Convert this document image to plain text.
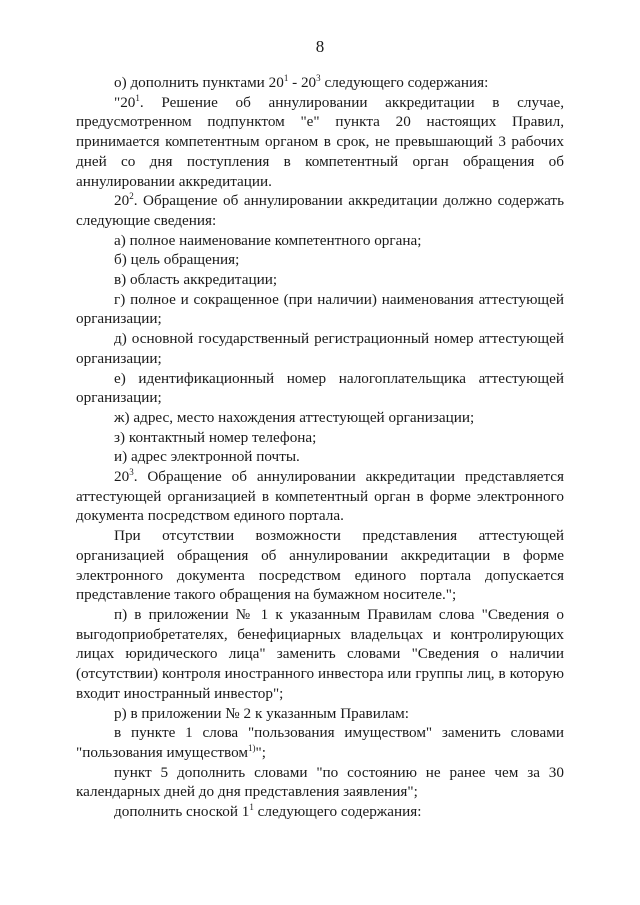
8

о) дополнить пунктами $20^1 - 20^3$ следующего содержания:

"$20^1$. Решение об аннулировании аккредитации в случае, предусмотренном подпунктом "е" пункта 20 настоящих Правил, принимается компетентным органом в срок, не превышающий 3 рабочих дней со дня поступления в компетентный орган обращения об аннулировании аккредитации.

$20^2$. Обращение об аннулировании аккредитации должно содержать следующие сведения:

а) полное наименование компетентного органа;

б) цель обращения;

в) область аккредитации;

г) полное и сокращенное (при наличии) наименования аттестующей организации;

д) основной государственный регистрационный номер аттестующей организации;

е) идентификационный номер налогоплательщика аттестующей организации;

ж) адрес, место нахождения аттестующей организации;

з) контактный номер телефона;

и) адрес электронной почты.

$20^3$. Обращение об аннулировании аккредитации представляется аттестующей организацией в компетентный орган в форме электронного документа посредством единого портала.

При отсутствии возможности представления аттестующей организацией обращения об аннулировании аккредитации в форме электронного документа посредством единого портала допускается представление такого обращения на бумажном носителе.";

п) в приложении № 1 к указанным Правилам слова "Сведения о выгодоприобретателях, бенефициарных владельцах и контролирующих лицах юридического лица" заменить словами "Сведения о наличии (отсутствии) контроля иностранного инвестора или группы лиц, в которую входит иностранный инвестор";

р) в приложении № 2 к указанным Правилам:

в пункте 1 слова "пользования имуществом" заменить словами "пользования имуществом$^{1)}$";

пункт 5 дополнить словами "по состоянию не ранее чем за 30 календарных дней до дня представления заявления";

дополнить сноской $1^1$ следующего содержания:
